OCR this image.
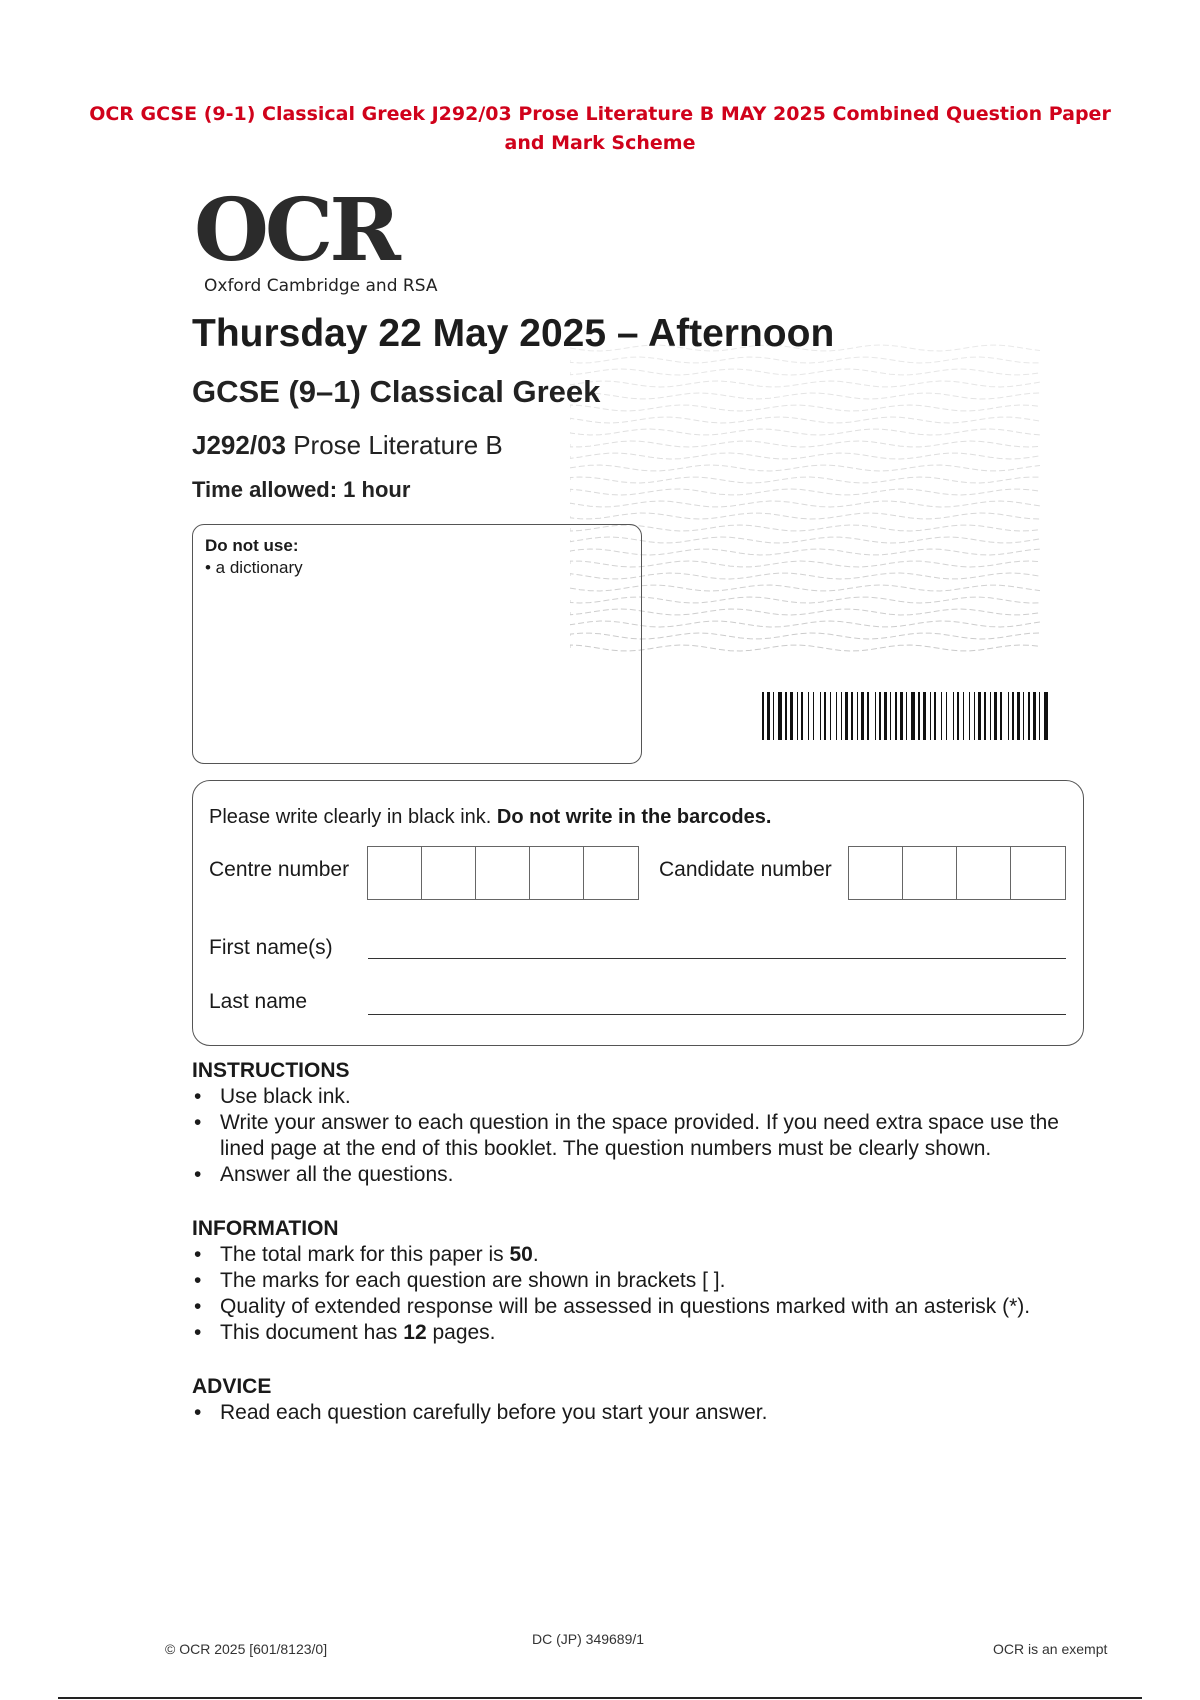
OCR GCSE (9-1) Classical Greek J292/03 Prose Literature B MAY 2025 Combined Question Paper
and Mark Scheme
OCR
Oxford Cambridge and RSA
Thursday 22 May 2025 – Afternoon
GCSE (9–1) Classical Greek
J292/03 Prose Literature B
Time allowed: 1 hour
Do not use:
• a dictionary
Please write clearly in black ink. Do not write in the barcodes.
Centre number	Candidate number
First name(s)
Last name
INSTRUCTIONS
• Use black ink.
• Write your answer to each question in the space provided. If you need extra space use the lined page at the end of this booklet. The question numbers must be clearly shown.
• Answer all the questions.
INFORMATION
• The total mark for this paper is 50.
• The marks for each question are shown in brackets [ ].
• Quality of extended response will be assessed in questions marked with an asterisk (*).
• This document has 12 pages.
ADVICE
• Read each question carefully before you start your answer.
© OCR 2025 [601/8123/0]
DC (JP) 349689/1
OCR is an exempt
